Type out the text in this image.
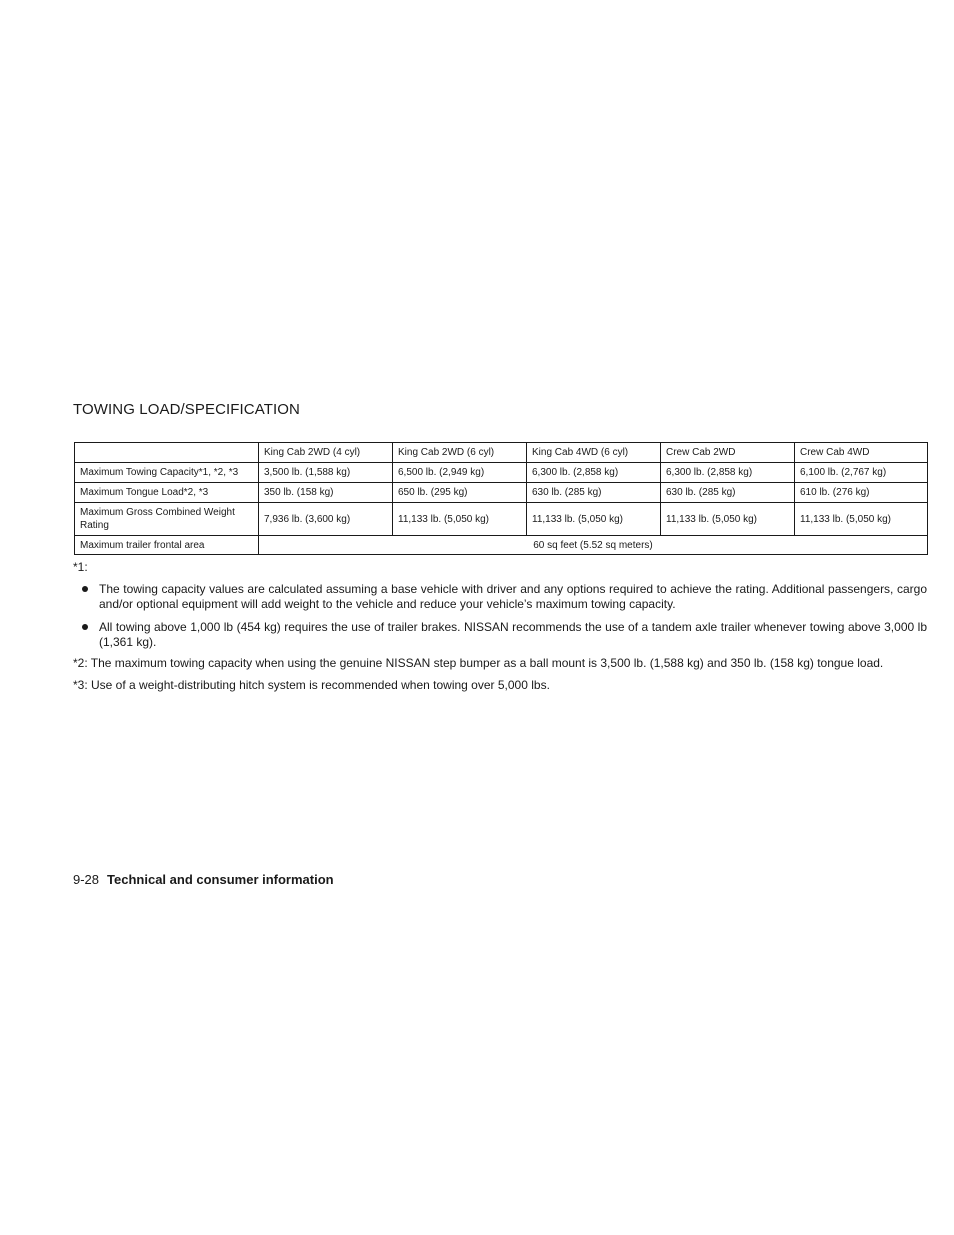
TOWING LOAD/SPECIFICATION
	King Cab 2WD (4 cyl)	King Cab 2WD (6 cyl)	King Cab 4WD (6 cyl)	Crew Cab 2WD	Crew Cab 4WD
Maximum Towing Capacity*1, *2, *3	3,500 lb. (1,588 kg)	6,500 lb. (2,949 kg)	6,300 lb. (2,858 kg)	6,300 lb. (2,858 kg)	6,100 lb. (2,767 kg)
Maximum Tongue Load*2, *3	350 lb. (158 kg)	650 lb. (295 kg)	630 lb. (285 kg)	630 lb. (285 kg)	610 lb. (276 kg)
Maximum Gross Combined Weight Rating	7,936 lb. (3,600 kg)	11,133 lb. (5,050 kg)	11,133 lb. (5,050 kg)	11,133 lb. (5,050 kg)	11,133 lb. (5,050 kg)
Maximum trailer frontal area	60 sq feet (5.52 sq meters)				
*1:
The towing capacity values are calculated assuming a base vehicle with driver and any options required to achieve the rating. Additional passengers, cargo and/or optional equipment will add weight to the vehicle and reduce your vehicle’s maximum towing capacity.
All towing above 1,000 lb (454 kg) requires the use of trailer brakes. NISSAN recommends the use of a tandem axle trailer whenever towing above 3,000 lb (1,361 kg).
*2: The maximum towing capacity when using the genuine NISSAN step bumper as a ball mount is 3,500 lb. (1,588 kg) and 350 lb. (158 kg) tongue load.
*3: Use of a weight-distributing hitch system is recommended when towing over 5,000 lbs.
9-28 Technical and consumer information
